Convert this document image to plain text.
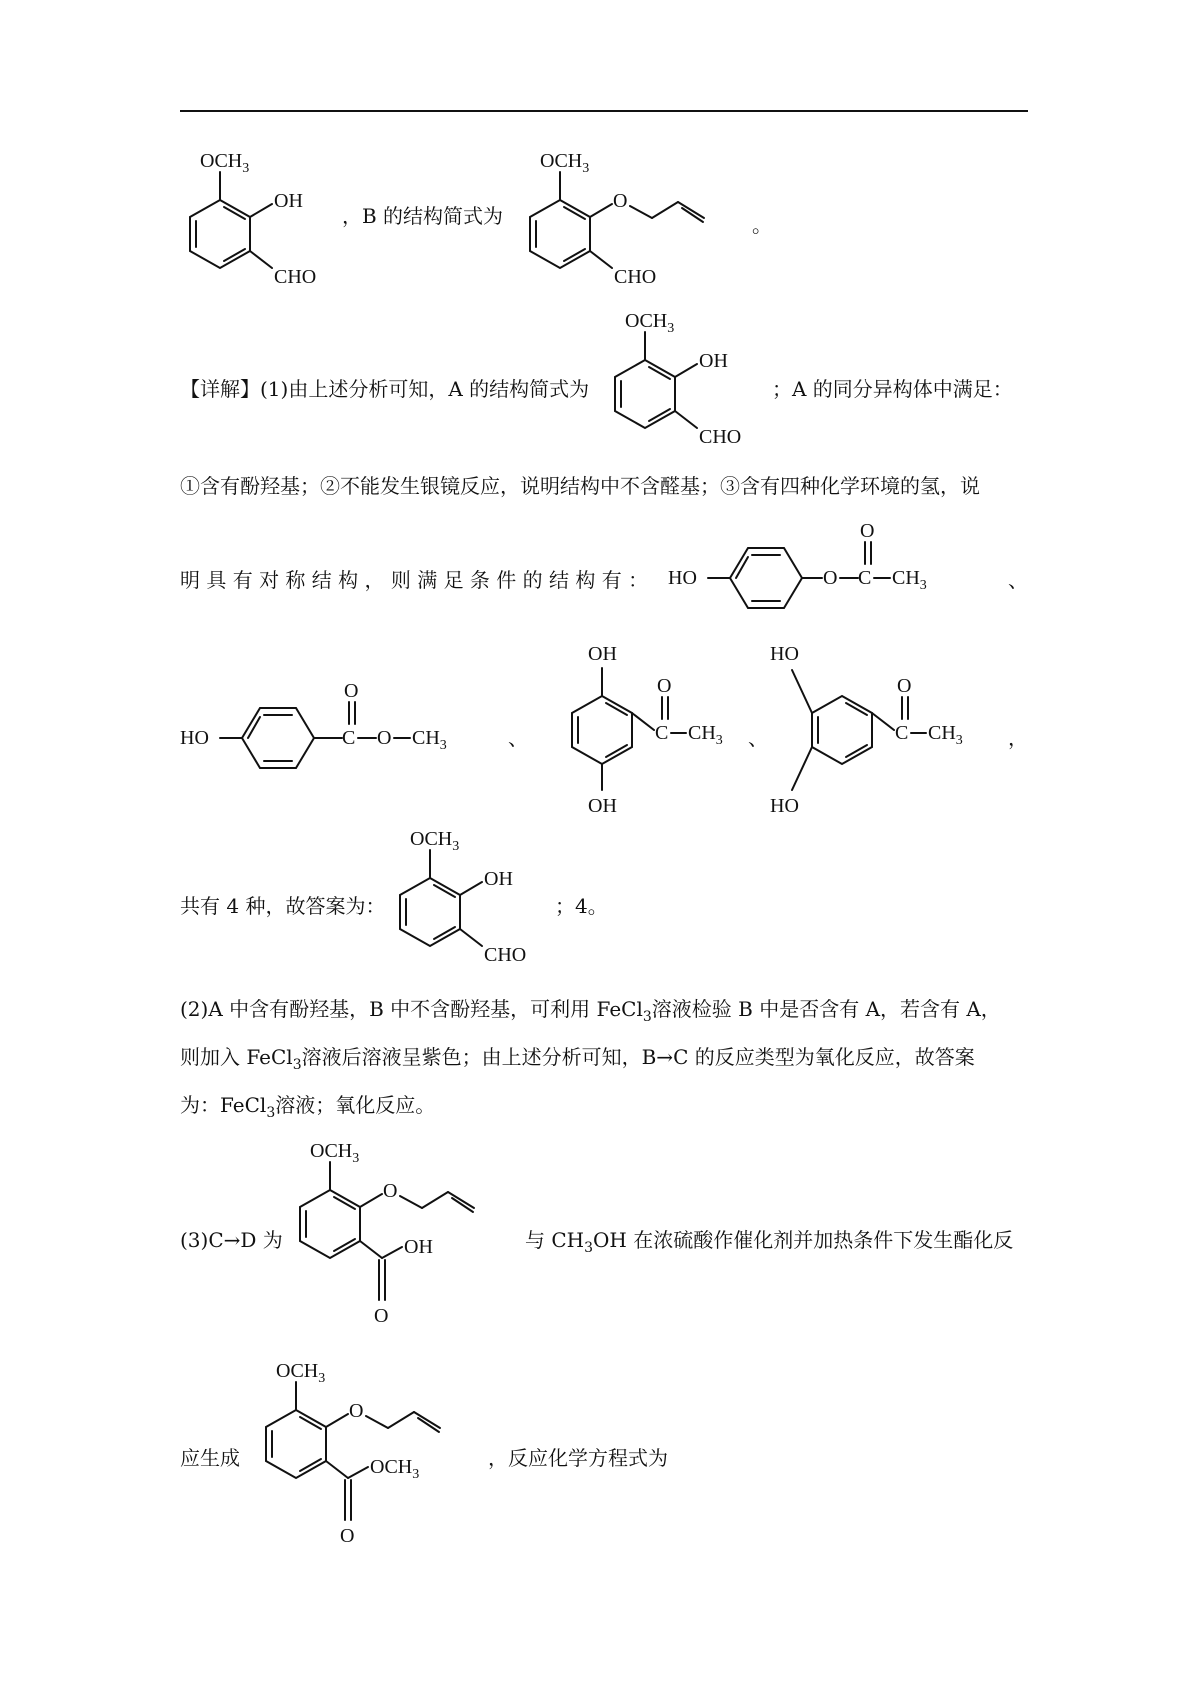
$OCH_3$
OH
CHO
，B 的结构简式为
$OCH_3$
O
CHO
。
【详解】(1)由上述分析可知，A 的结构简式为
$OCH_3$
OH
CHO
；A 的同分异构体中满足：
①含有酚羟基；②不能发生银镜反应，说明结构中不含醛基；③含有四种化学环境的氢，说
明 具 有 对 称 结 构 ， 则 满 足 条 件 的 结 构 有 ： HO	O C
O
$CH_3$	、
HO	C
O
O $CH_3$	、
OH
OH
C
O
$CH_3$ 、
HO
HO
C
O
$CH_3$ ，
共有 4 种，故答案为：
$OCH_3$
OH
CHO
；4。
(2)A 中含有酚羟基，B 中不含酚羟基，可利用 FeCl$_3$溶液检验 B 中是否含有 A，若含有 A，
则加入 FeCl$_3$溶液后溶液呈紫色；由上述分析可知，B→C 的反应类型为氧化反应，故答案
为：FeCl$_3$溶液；氧化反应。
(3)C→D 为
$OCH_3$
O
OH
O
与 $CH_3OH$ 在浓硫酸作催化剂并加热条件下发生酯化反
应生成
$OCH_3$
O
$OCH_3$
O
，反应化学方程式为
